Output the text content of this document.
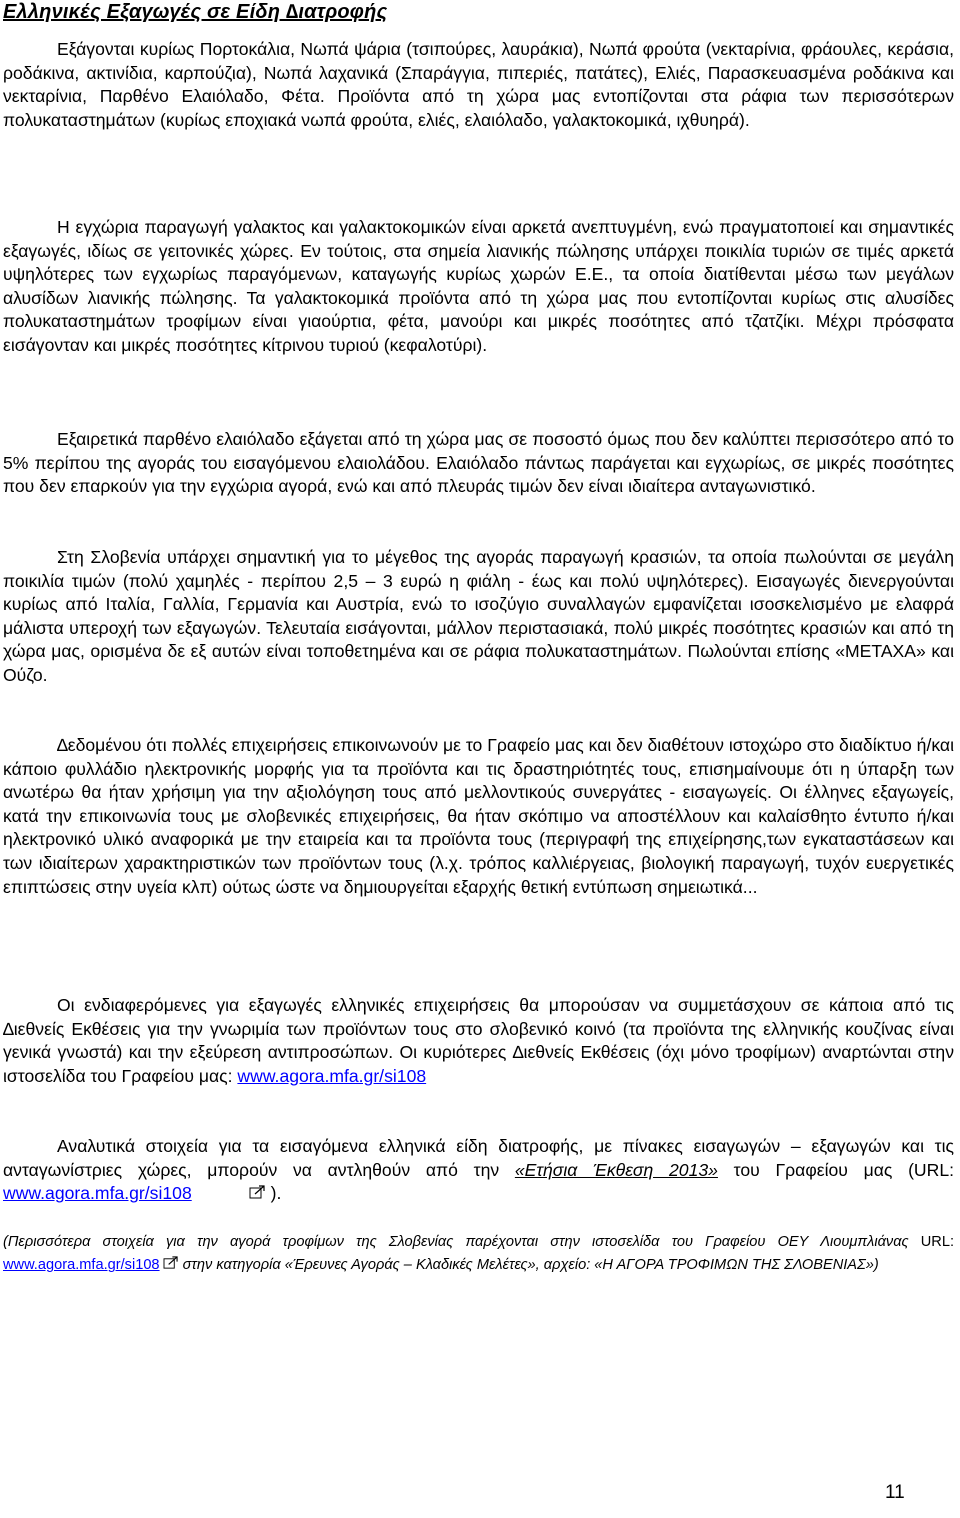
Ελληνικές Εξαγωγές σε Είδη ∆ιατροφής

Εξάγονται κυρίως Πορτοκάλια, Νωπά ψάρια (τσιπούρες, λαυράκια), Νωπά φρούτα (νεκταρίνια, φράουλες, κεράσια, ροδάκινα, ακτινίδια, καρπούζια), Νωπά λαχανικά (Σπαράγγια, πιπεριές, πατάτες), Ελιές, Παρασκευασμένα ροδάκινα και νεκταρίνια, Παρθένο Ελαιόλαδο, Φέτα. Προϊόντα από τη χώρα μας εντοπίζονται στα ράφια των περισσότερων πολυκαταστημάτων (κυρίως εποχιακά νωπά φρούτα, ελιές, ελαιόλαδο, γαλακτοκομικά, ιχθυηρά).

Η εγχώρια παραγωγή γαλακτος και γαλακτοκομικών είναι αρκετά ανεπτυγμένη, ενώ πραγματοποιεί και σημαντικές εξαγωγές, ιδίως σε γειτονικές χώρες. Εν τούτοις, στα σημεία λιανικής πώλησης υπάρχει ποικιλία τυριών σε τιμές αρκετά υψηλότερες των εγχωρίως παραγόμενων, καταγωγής κυρίως χωρών Ε.Ε., τα οποία διατίθενται μέσω των μεγάλων αλυσίδων λιανικής πώλησης. Τα γαλακτοκομικά προϊόντα από τη χώρα μας που εντοπίζονται κυρίως στις αλυσίδες πολυκαταστημάτων τροφίμων είναι γιαούρτια, φέτα, μανούρι και μικρές ποσότητες από τζατζίκι. Μέχρι πρόσφατα εισάγονταν και μικρές ποσότητες κίτρινου τυριού (κεφαλοτύρι).

Εξαιρετικά παρθένο ελαιόλαδο εξάγεται από τη χώρα μας σε ποσοστό όμως που δεν καλύπτει περισσότερο από το 5% περίπου της αγοράς του εισαγόμενου ελαιολάδου. Ελαιόλαδο πάντως παράγεται και εγχωρίως, σε μικρές ποσότητες που δεν επαρκούν για την εγχώρια αγορά, ενώ και από πλευράς τιμών δεν είναι ιδιαίτερα ανταγωνιστικό.

Στη Σλοβενία υπάρχει σημαντική για το μέγεθος της αγοράς παραγωγή κρασιών, τα οποία πωλούνται σε μεγάλη ποικιλία τιμών (πολύ χαμηλές - περίπου 2,5 – 3 ευρώ η φιάλη - έως και πολύ υψηλότερες). Εισαγωγές διενεργούνται κυρίως από Ιταλία, Γαλλία, Γερμανία και Αυστρία, ενώ το ισοζύγιο συναλλαγών εμφανίζεται ισοσκελισμένο με ελαφρά μάλιστα υπεροχή των εξαγωγών. Τελευταία εισάγονται, μάλλον περιστασιακά, πολύ μικρές ποσότητες κρασιών και από τη χώρα μας, ορισμένα δε εξ αυτών είναι τοποθετημένα και σε ράφια πολυκαταστημάτων. Πωλούνται επίσης «ΜΕΤΑΧΑ» και Ούζο.

∆εδομένου ότι πολλές επιχειρήσεις επικοινωνούν με το Γραφείο μας και δεν διαθέτουν ιστοχώρο στο διαδίκτυο ή/και κάποιο φυλλάδιο ηλεκτρονικής μορφής για τα προϊόντα και τις δραστηριότητές τους, επισημαίνουμε ότι η ύπαρξη των ανωτέρω θα ήταν χρήσιμη για την αξιολόγηση τους από μελλοντικούς συνεργάτες - εισαγωγείς. Οι έλληνες εξαγωγείς, κατά την επικοινωνία τους με σλοβενικές επιχειρήσεις, θα ήταν σκόπιμο να αποστέλλουν και καλαίσθητο έντυπο ή/και ηλεκτρονικό υλικό αναφορικά με την εταιρεία και τα προϊόντα τους (περιγραφή της επιχείρησης,των εγκαταστάσεων και των ιδιαίτερων χαρακτηριστικών των προϊόντων τους (λ.χ. τρόπος καλλιέργειας, βιολογική παραγωγή, τυχόν ευεργετικές επιπτώσεις στην υγεία κλπ) ούτως ώστε να δημιουργείται εξαρχής θετική εντύπωση σημειωτικά...

Οι ενδιαφερόμενες για εξαγωγές ελληνικές επιχειρήσεις θα μπορούσαν να συμμετάσχουν σε κάποια από τις ∆ιεθνείς Εκθέσεις για την γνωριμία των προϊόντων τους στο σλοβενικό κοινό (τα προϊόντα της ελληνικής κουζίνας είναι γενικά γνωστά) και την εξεύρεση αντιπροσώπων. Οι κυριότερες ∆ιεθνείς Εκθέσεις (όχι μόνο τροφίμων) αναρτώνται στην ιστοσελίδα του Γραφείου μας: www.agora.mfa.gr/si108

Αναλυτικά στοιχεία για τα εισαγόμενα ελληνικά είδη διατροφής, με πίνακες εισαγωγών – εξαγωγών και τις ανταγωνίστριες χώρες, μπορούν να αντληθούν από την «Ετήσια Έκθεση 2013» του Γραφείου μας (URL: www.agora.mfa.gr/si108	).

(Περισσότερα στοιχεία για την αγορά τροφίμων της Σλοβενίας παρέχονται στην ιστοσελίδα του Γραφείου ΟΕΥ Λιουμπλιάνας URL: www.agora.mfa.gr/si108 στην κατηγορία «Έρευνες Αγοράς – Κλαδικές Μελέτες», αρχείο: «Η ΑΓΟΡΑ ΤΡΟΦΙΜΩΝ ΤΗΣ ΣΛΟΒΕΝΙΑΣ»)

11
